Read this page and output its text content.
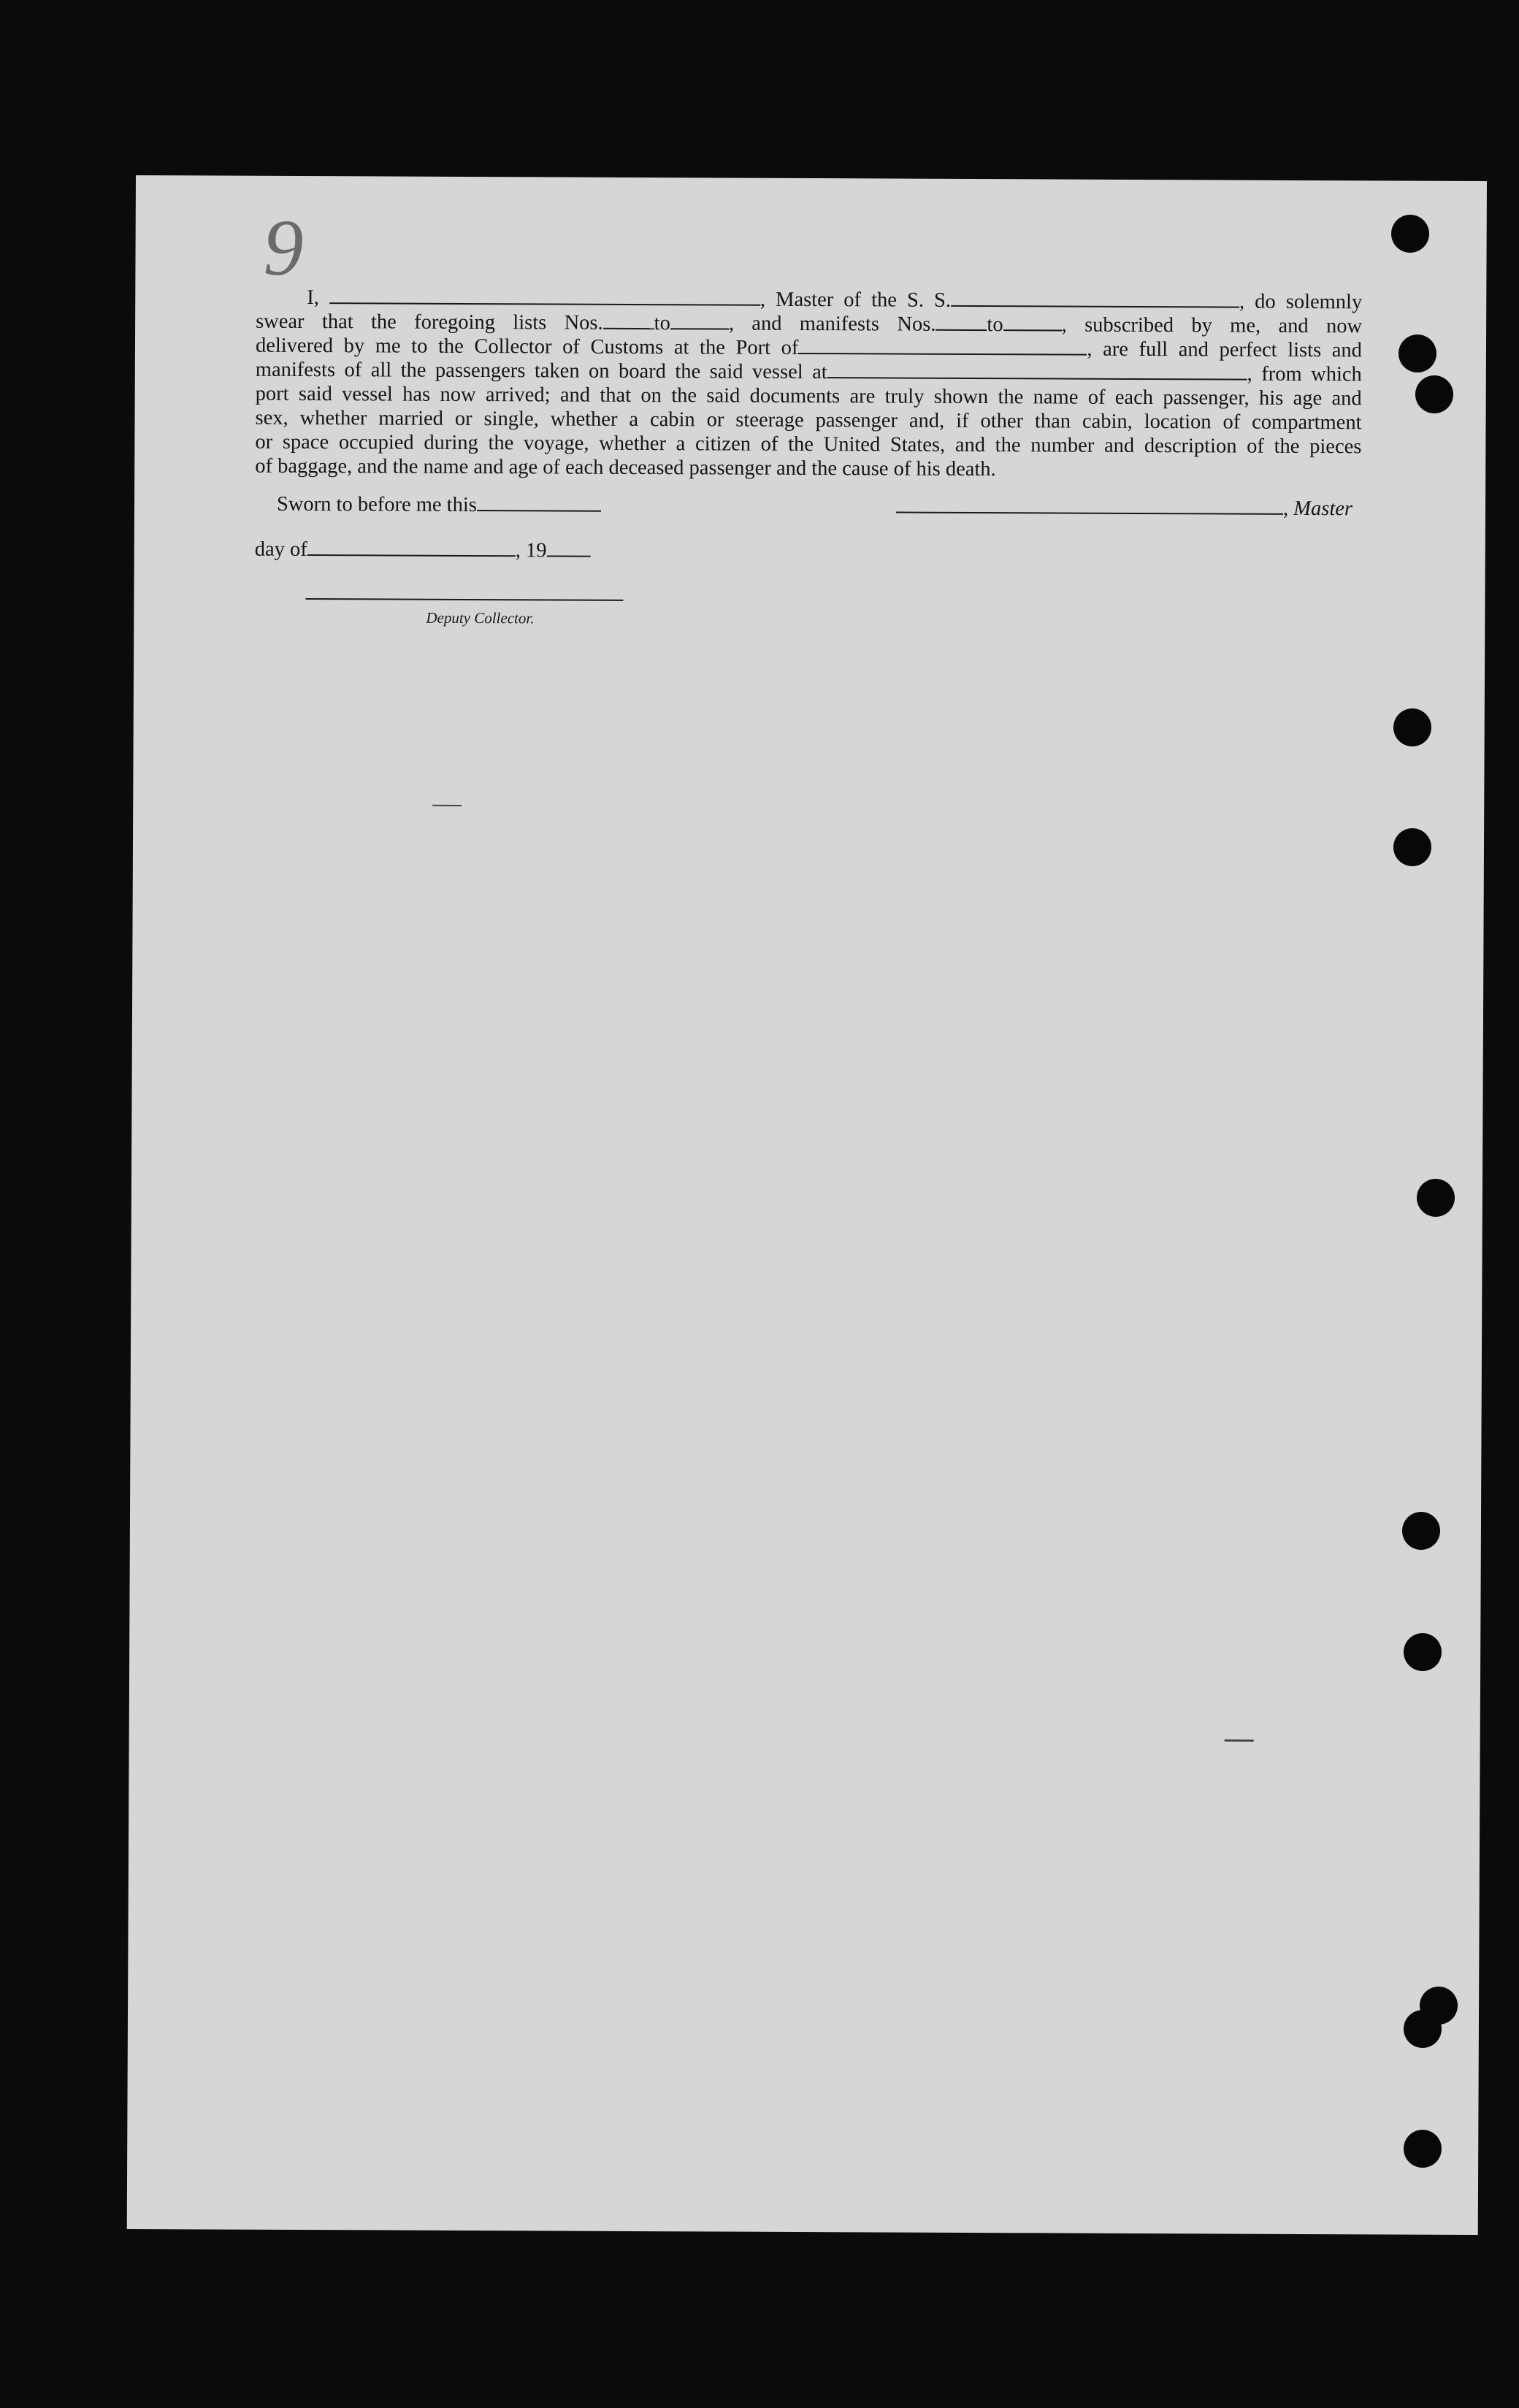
9
I,	, Master of the S. S.	, do solemnly
swear that the foregoing lists Nos. to	, and manifests Nos. to	, subscribed by me, and now
delivered by me to the Collector of Customs at the Port of	, are full and perfect lists and
manifests of all the passengers taken on board the said vessel at	, from which
port said vessel has now arrived; and that on the said documents are truly shown the name of each passenger, his age and
sex, whether married or single, whether a cabin or steerage passenger and, if other than cabin, location of compartment
or space occupied during the voyage, whether a citizen of the United States, and the number and description of the pieces
of baggage, and the name and age of each deceased passenger and the cause of his death.
Sworn to before me this	, Master
day of	, 19
Deputy Collector.
